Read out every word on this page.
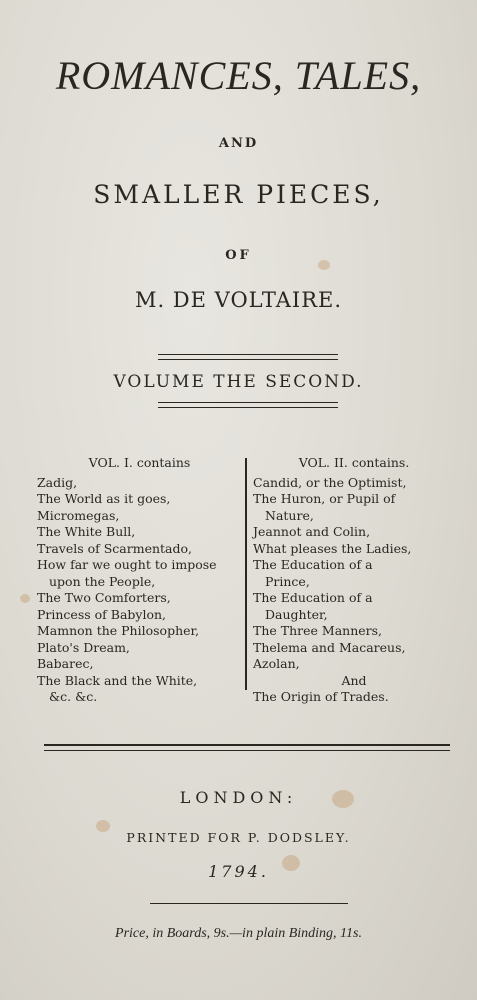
ROMANCES, TALES,
AND
SMALLER PIECES,
OF
M. DE VOLTAIRE.
VOLUME THE SECOND.
VOL. I. contains
Zadig,
The World as it goes,
Micromegas,
The White Bull,
Travels of Scarmentado,
How far we ought to impose
upon the People,
The Two Comforters,
Princess of Babylon,
Mamnon the Philosopher,
Plato's Dream,
Babarec,
The Black and the White,
&c. &c.
VOL. II. contains.
Candid, or the Optimist,
The Huron, or Pupil of
Nature,
Jeannot and Colin,
What pleases the Ladies,
The Education of a
Prince,
The Education of a
Daughter,
The Three Manners,
Thelema and Macareus,
Azolan,
And
The Origin of Trades.
LONDON:
PRINTED FOR P. DODSLEY.
1794.
Price, in Boards, 9s.—in plain Binding, 11s.
